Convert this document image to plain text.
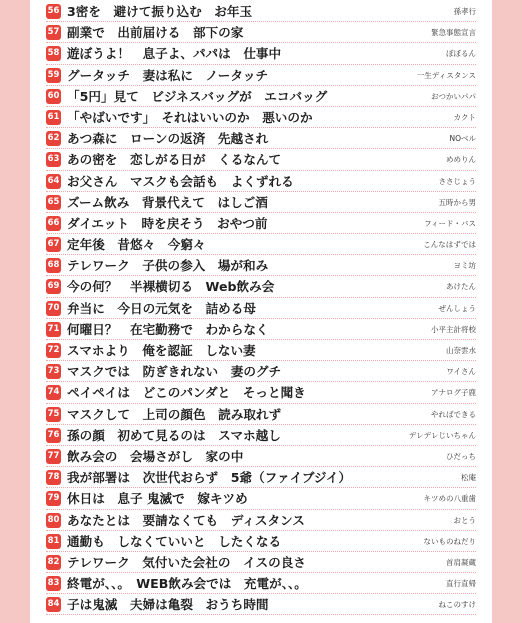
56 3密を　避けて振り込む　お年玉	孫孝行
57 副業で　出前届ける　部下の家	緊急事態宣言
58 遊ぼうよ！　息子よ、パパは　仕事中	ぼぼるん
59 グータッチ　妻は私に　ノータッチ	一生ディスタンス
60 「5円」見て　ビジネスバッグが　エコバッグ	おつかいパパ
61 「やばいです」　それはいいのか　悪いのか	カクト
62 あつ森に　ローンの返済　先越され	NOベル
63 あの密を　恋しがる日が　くるなんて	めめりん
64 お父さん　マスクも会話も　よくずれる	ささじょう
65 ズーム飲み　背景代えて　はしご酒	五時から男
66 ダイエット　時を戻そう　おやつ前	フィード・バス
67 定年後　昔悠々　今窮々	こんなはずでは
68 テレワーク　子供の参入　場が和み	ヨミ坊
69 今の何？　半裸横切る　Web飲み会	あけたん
70 弁当に　今日の元気を　詰める母	ぜんしょう
71 何曜日？　在宅勤務で　わからなく	小平主計将校
72 スマホより　俺を認証　しない妻	山奈雲水
73 マスクでは　防ぎきれない　妻のグチ	ワイさん
74 ペイペイは　どこのパンダと　そっと聞き	アナログ子鹿
75 マスクして　上司の顔色　読み取れず	やればできる
76 孫の顔　初めて見るのは　スマホ越し	デレデレじいちゃん
77 飲み会の　会場さがし　家の中	ひだっち
78 我が部署は　次世代おらず　5爺（ファイブジイ）	松庵
79 休日は　息子 鬼滅で　嫁キツめ	キツめの八重歯
80 あなたとは　要請なくても　ディスタンス	おとう
81 通勤も　しなくていいと　したくなる	ないものねだり
82 テレワーク　気付いた会社の　イスの良さ	首肩凝蔵
83 終電が、、。　WEB飲み会では　充電が、、。	直行直帰
84 子は鬼滅　夫婦は亀裂　おうち時間	ねこのすけ
